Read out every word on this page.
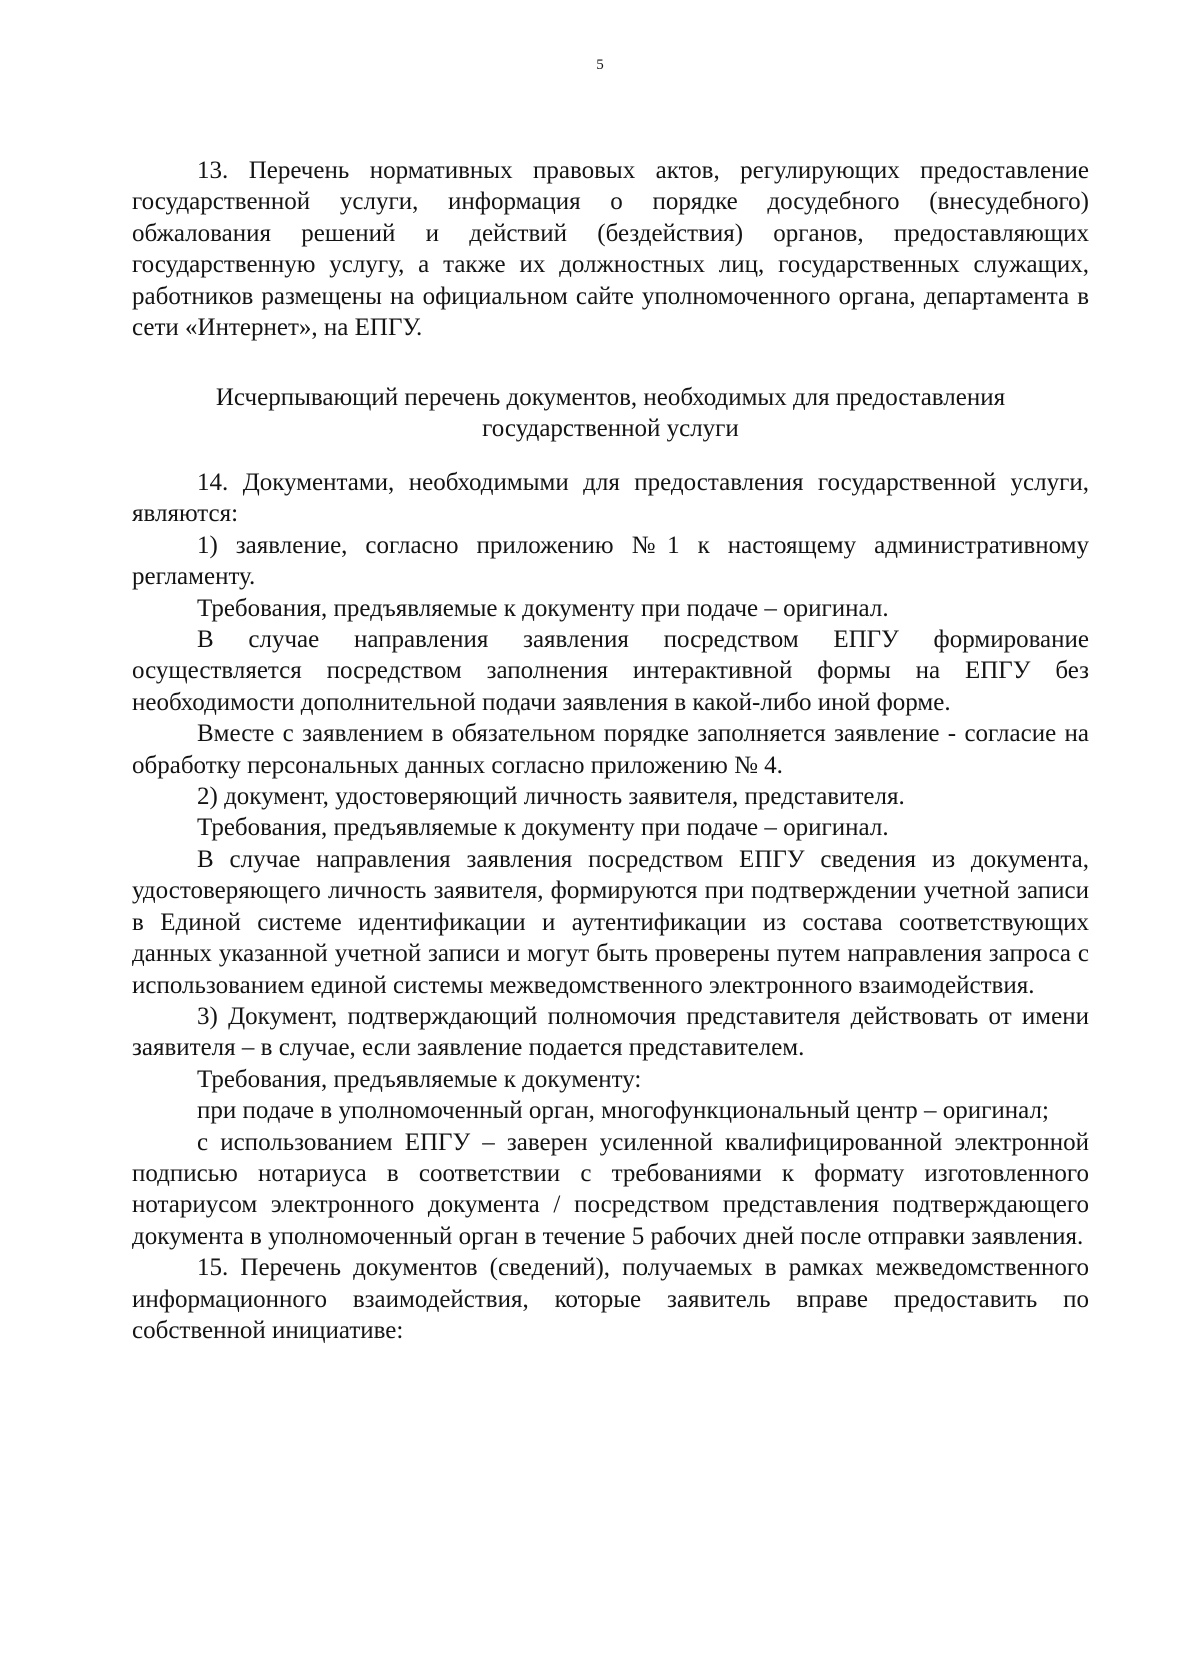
5

13. Перечень нормативных правовых актов, регулирующих предоставление государственной услуги, информация о порядке досудебного (внесудебного) обжалования решений и действий (бездействия) органов, предоставляющих государственную услугу, а также их должностных лиц, государственных служащих, работников размещены на официальном сайте уполномоченного органа, департамента в сети «Интернет», на ЕПГУ.

Исчерпывающий перечень документов, необходимых для предоставления

государственной услуги

14. Документами, необходимыми для предоставления государственной услуги, являются:

1) заявление, согласно приложению №1 к настоящему административному регламенту.

Требования, предъявляемые к документу при подаче – оригинал.

В случае направления заявления посредством ЕПГУ формирование осуществляется посредством заполнения интерактивной формы на ЕПГУ без необходимости дополнительной подачи заявления в какой-либо иной форме.

Вместе с заявлением в обязательном порядке заполняется заявление - согласие на обработку персональных данных согласно приложению № 4.

2) документ, удостоверяющий личность заявителя, представителя.

Требования, предъявляемые к документу при подаче – оригинал.

В случае направления заявления посредством ЕПГУ сведения из документа, удостоверяющего личность заявителя, формируются при подтверждении учетной записи в Единой системе идентификации и аутентификации из состава соответствующих данных указанной учетной записи и могут быть проверены путем направления запроса с использованием единой системы межведомственного электронного взаимодействия.

3) Документ, подтверждающий полномочия представителя действовать от имени заявителя – в случае, если заявление подается представителем.

Требования, предъявляемые к документу:

при подаче в уполномоченный орган, многофункциональный центр – оригинал;

с использованием ЕПГУ – заверен усиленной квалифицированной электронной подписью нотариуса в соответствии с требованиями к формату изготовленного нотариусом электронного документа / посредством представления подтверждающего документа в уполномоченный орган в течение 5 рабочих дней после отправки заявления.

15. Перечень документов (сведений), получаемых в рамках межведомственного информационного взаимодействия, которые заявитель вправе предоставить по собственной инициативе:
